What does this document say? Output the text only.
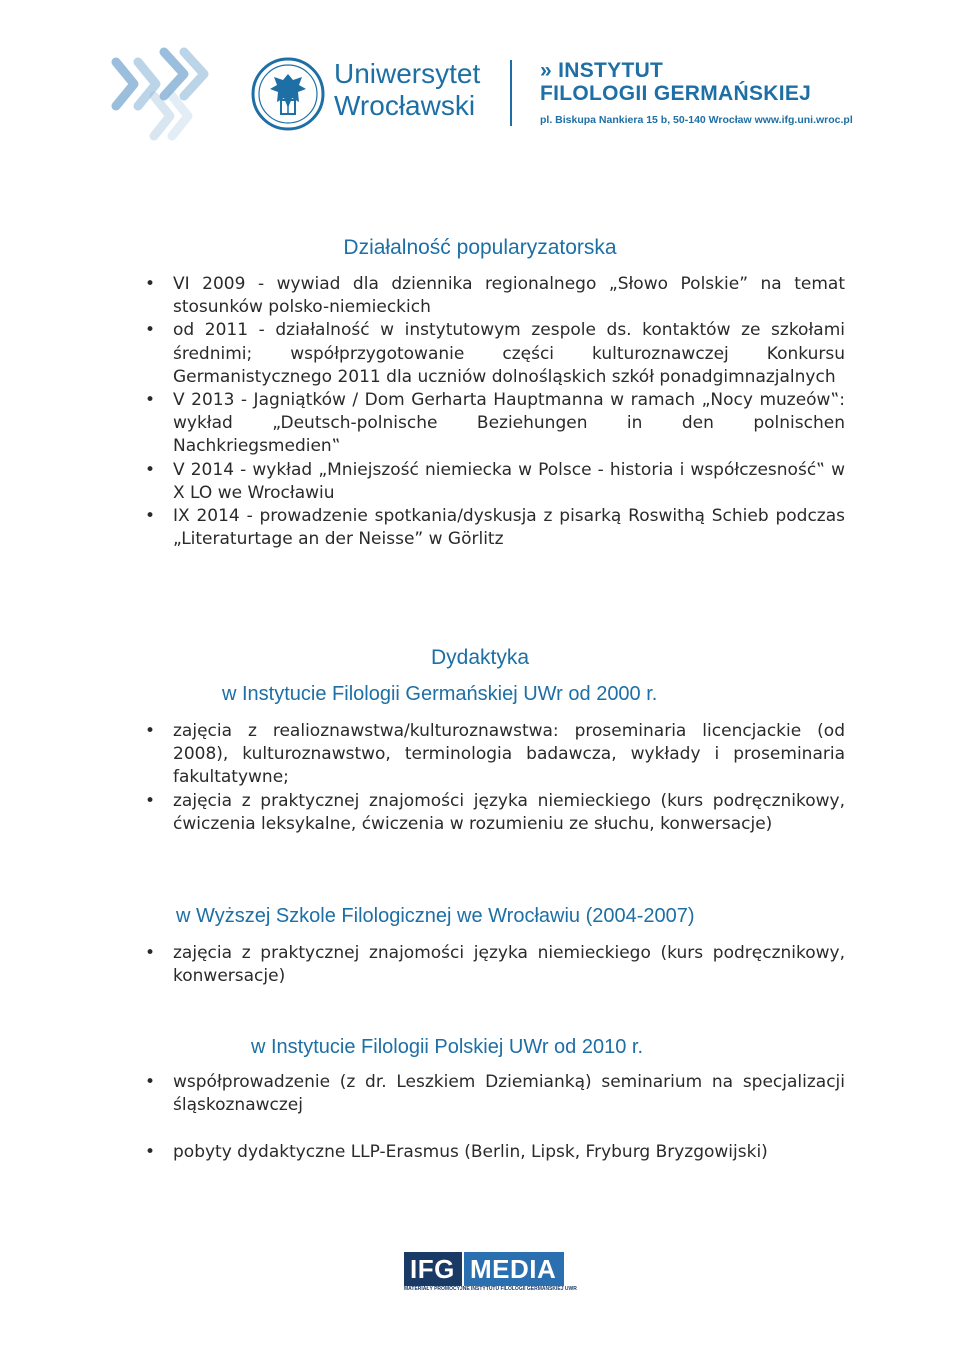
Uniwersytet
Wrocławski
» INSTYTUT
FILOLOGII GERMAŃSKIEJ
pl. Biskupa Nankiera 15 b, 50-140 Wrocław www.ifg.uni.wroc.pl
Działalność popularyzatorska
• VI 2009 - wywiad dla dziennika regionalnego „Słowo Polskie” na temat stosunków polsko-niemieckich
• od 2011 - działalność w instytutowym zespole ds. kontaktów ze szkołami średnimi; współprzygotowanie części kulturoznawczej Konkursu Germanistycznego 2011 dla uczniów dolnośląskich szkół ponadgimnazjalnych
• V 2013 - Jagniątków / Dom Gerharta Hauptmanna w ramach „Nocy muzeów‟: wykład „Deutsch-polnische Beziehungen in den polnischen Nachkriegsmedien‟
• V 2014 - wykład „Mniejszość niemiecka w Polsce - historia i współczesność‟ w X LO we Wrocławiu
• IX 2014 - prowadzenie spotkania/dyskusja z pisarką Roswithą Schieb podczas „Literaturtage an der Neisse” w Görlitz
Dydaktyka
w Instytucie Filologii Germańskiej UWr od 2000 r.
• zajęcia z realioznawstwa/kulturoznawstwa: proseminaria licencjackie (od 2008), kulturoznawstwo, terminologia badawcza, wykłady i proseminaria fakultatywne;
• zajęcia z praktycznej znajomości języka niemieckiego (kurs podręcznikowy, ćwiczenia leksykalne, ćwiczenia w rozumieniu ze słuchu, konwersacje)
w Wyższej Szkole Filologicznej we Wrocławiu (2004-2007)
• zajęcia z praktycznej znajomości języka niemieckiego (kurs podręcznikowy, konwersacje)
w Instytucie Filologii Polskiej UWr od 2010 r.
• współprowadzenie (z dr. Leszkiem Dziemianką) seminarium na specjalizacji śląskoznawczej
• pobyty dydaktyczne LLP-Erasmus (Berlin, Lipsk, Fryburg Bryzgowijski)
IFG MEDIA
MATERIAŁY PROMOCYJNE INSTYTUTU FILOLOGII GERMAŃSKIEJ UWR
